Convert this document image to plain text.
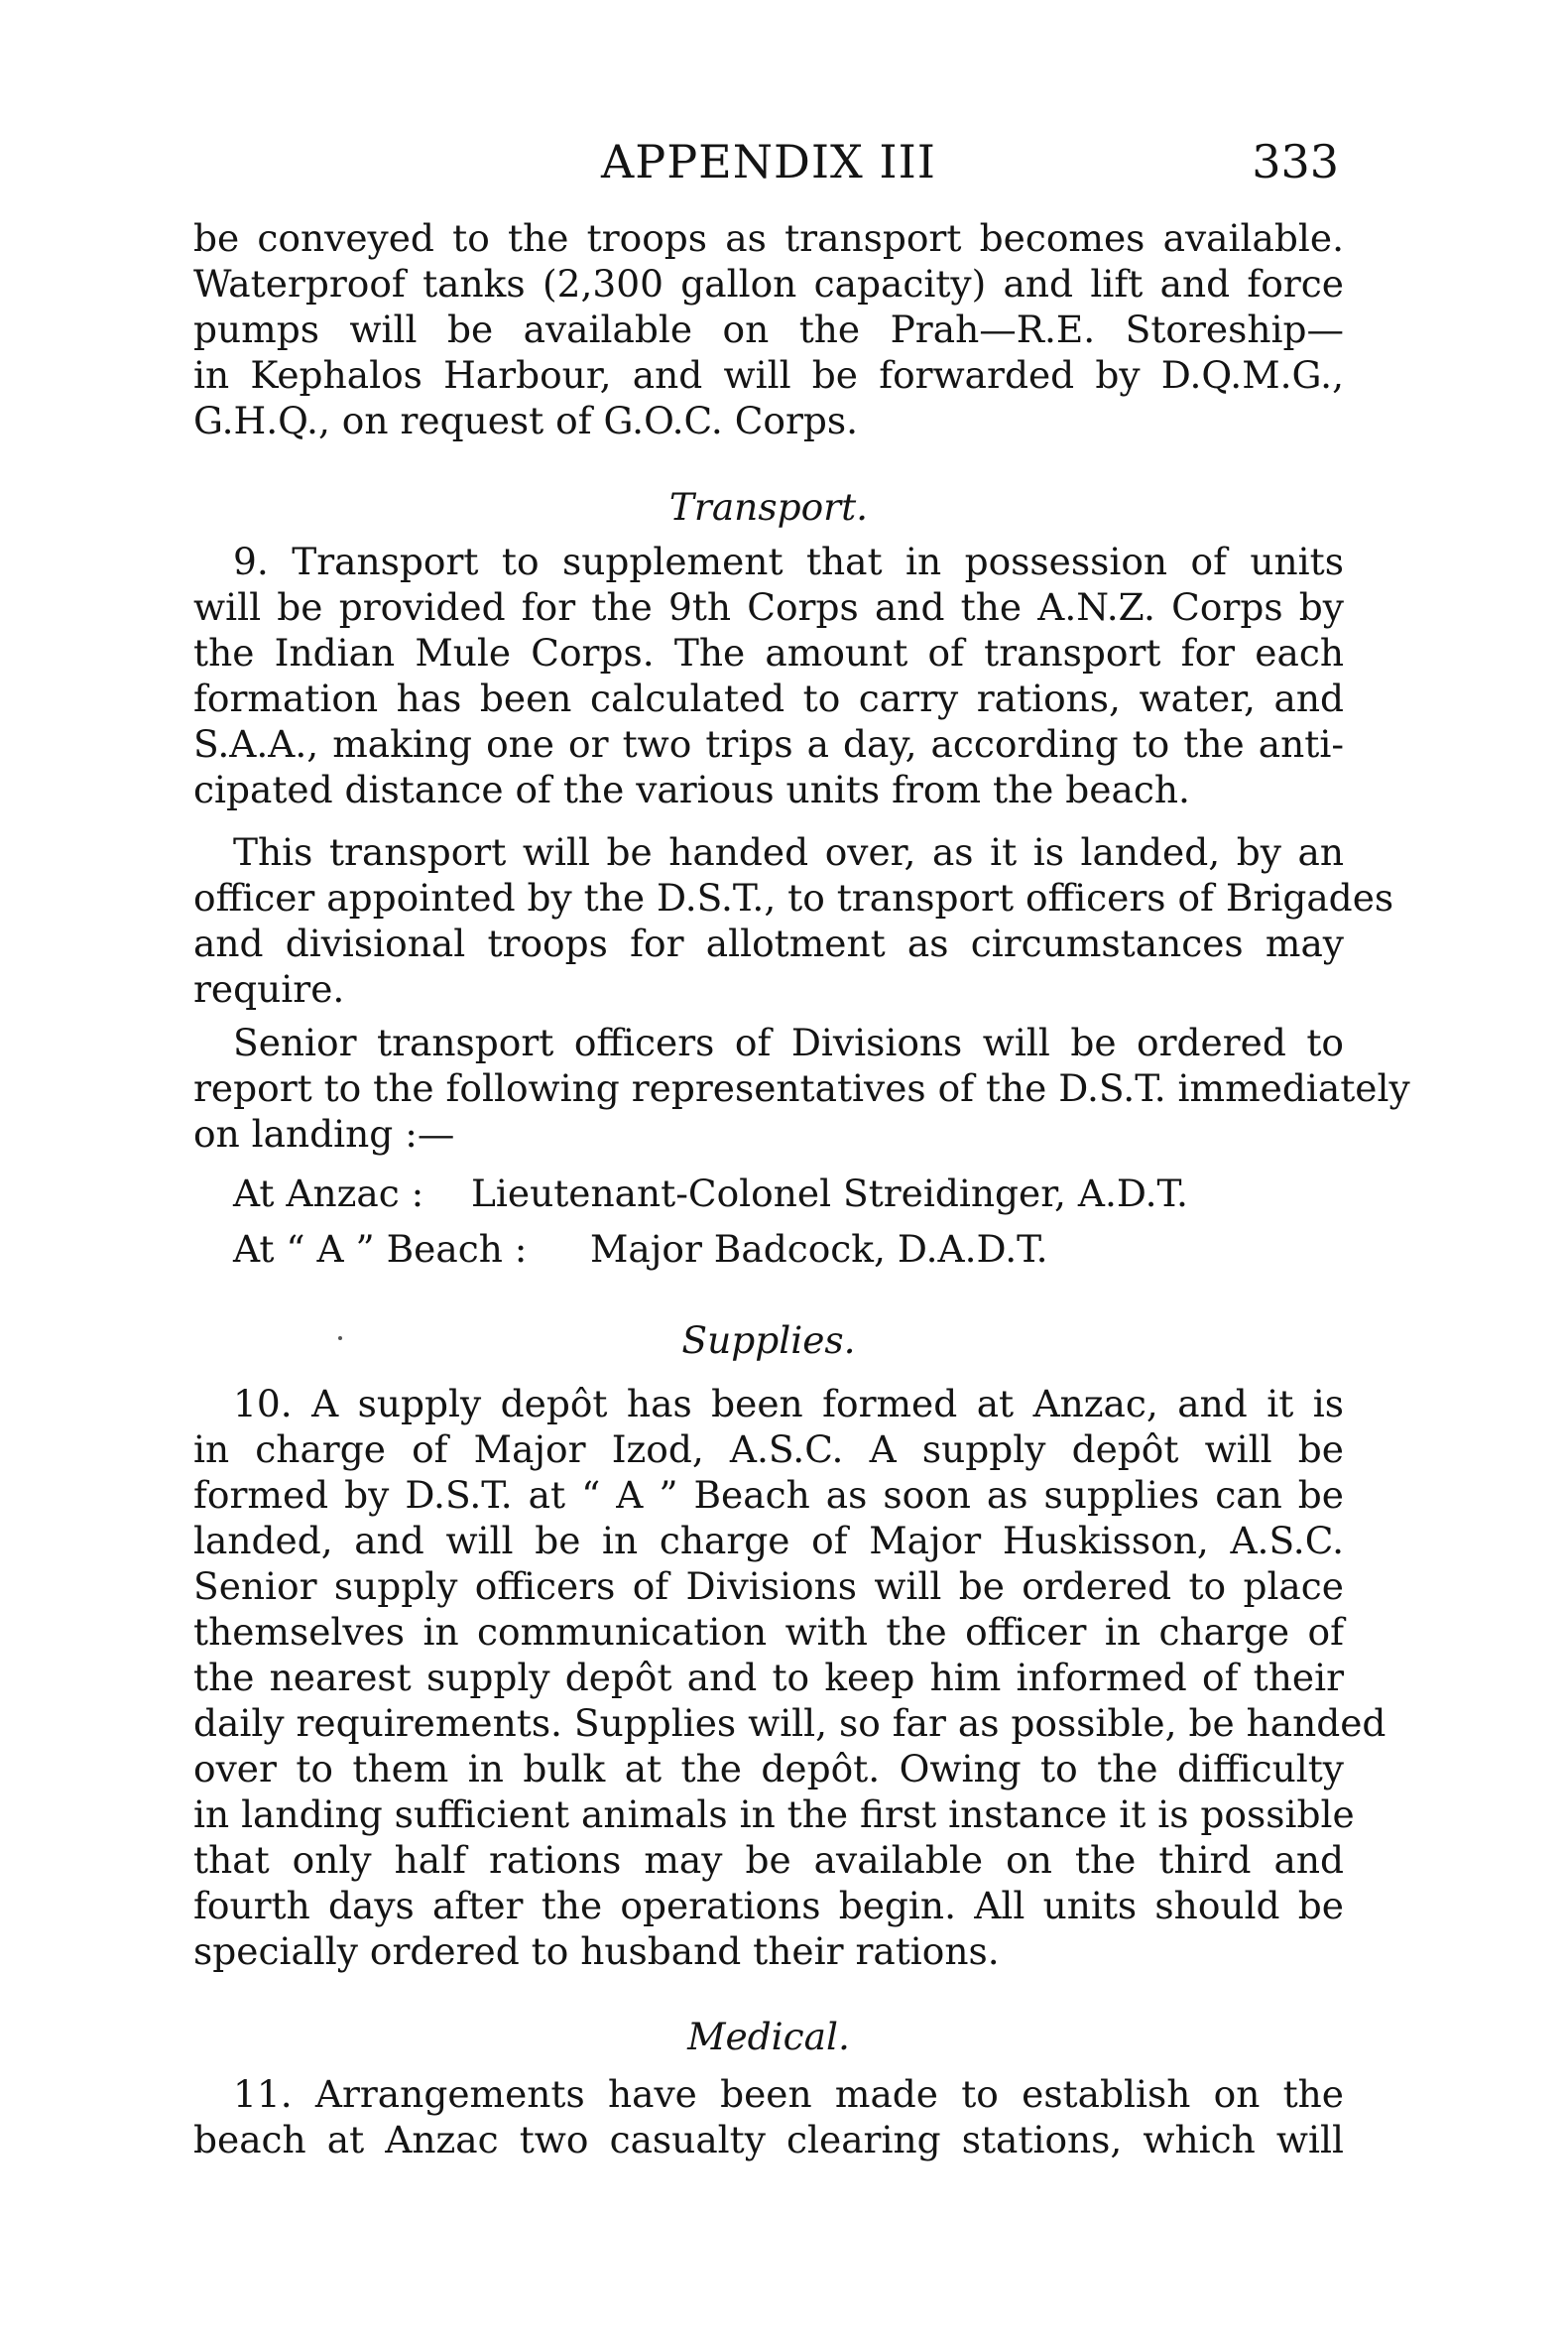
APPENDIX III	333
be conveyed to the troops as transport becomes available.
Waterproof tanks (2,300 gallon capacity) and lift and force
pumps will be available on the Prah—R.E. Storeship—
in Kephalos Harbour, and will be forwarded by D.Q.M.G.,
G.H.Q., on request of G.O.C. Corps.
Transport.
9. Transport to supplement that in possession of units
will be provided for the 9th Corps and the A.N.Z. Corps by
the Indian Mule Corps. The amount of transport for each
formation has been calculated to carry rations, water, and
S.A.A., making one or two trips a day, according to the anti-
cipated distance of the various units from the beach.
This transport will be handed over, as it is landed, by an
officer appointed by the D.S.T., to transport officers of Brigades
and divisional troops for allotment as circumstances may
require.
Senior transport officers of Divisions will be ordered to
report to the following representatives of the D.S.T. immediately
on landing :—
At Anzac : Lieutenant-Colonel Streidinger, A.D.T.
At “ A ” Beach : Major Badcock, D.A.D.T.
Supplies.
10. A supply depôt has been formed at Anzac, and it is
in charge of Major Izod, A.S.C. A supply depôt will be
formed by D.S.T. at “ A ” Beach as soon as supplies can be
landed, and will be in charge of Major Huskisson, A.S.C.
Senior supply officers of Divisions will be ordered to place
themselves in communication with the officer in charge of
the nearest supply depôt and to keep him informed of their
daily requirements. Supplies will, so far as possible, be handed
over to them in bulk at the depôt. Owing to the difficulty
in landing sufficient animals in the first instance it is possible
that only half rations may be available on the third and
fourth days after the operations begin. All units should be
specially ordered to husband their rations.
Medical.
11. Arrangements have been made to establish on the
beach at Anzac two casualty clearing stations, which will
